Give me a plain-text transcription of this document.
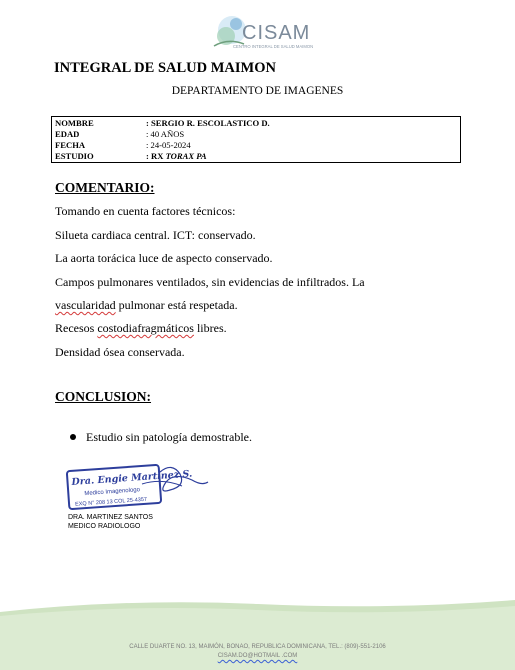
CISAM
CENTRO INTEGRAL DE SALUD MAIMON
INTEGRAL DE SALUD MAIMON
DEPARTAMENTO DE IMAGENES
NOMBRE	: SERGIO R. ESCOLASTICO D.
EDAD	: 40 AÑOS
FECHA	: 24-05-2024
ESTUDIO	: RX TORAX PA
COMENTARIO:
Tomando en cuenta factores técnicos:
Silueta cardiaca central. ICT: conservado.
La aorta torácica luce de aspecto conservado.
Campos pulmonares ventilados, sin evidencias de infiltrados. La
vascularidad pulmonar está respetada.
Recesos costodiafragmáticos libres.
Densidad ósea conservada.
CONCLUSION:
Estudio sin patología demostrable.
Dra. Engie Martinez S.
Medico Imagenologo
EXQ N° 208 13 COL 25-4357
DRA. MARTINEZ SANTOS
MEDICO RADIOLOGO
CALLE DUARTE NO. 13, MAIMÓN, BONAO, REPUBLICA DOMINICANA, TEL.: (809)-551-2106
CISAM.DO@HOTMAIL .COM
